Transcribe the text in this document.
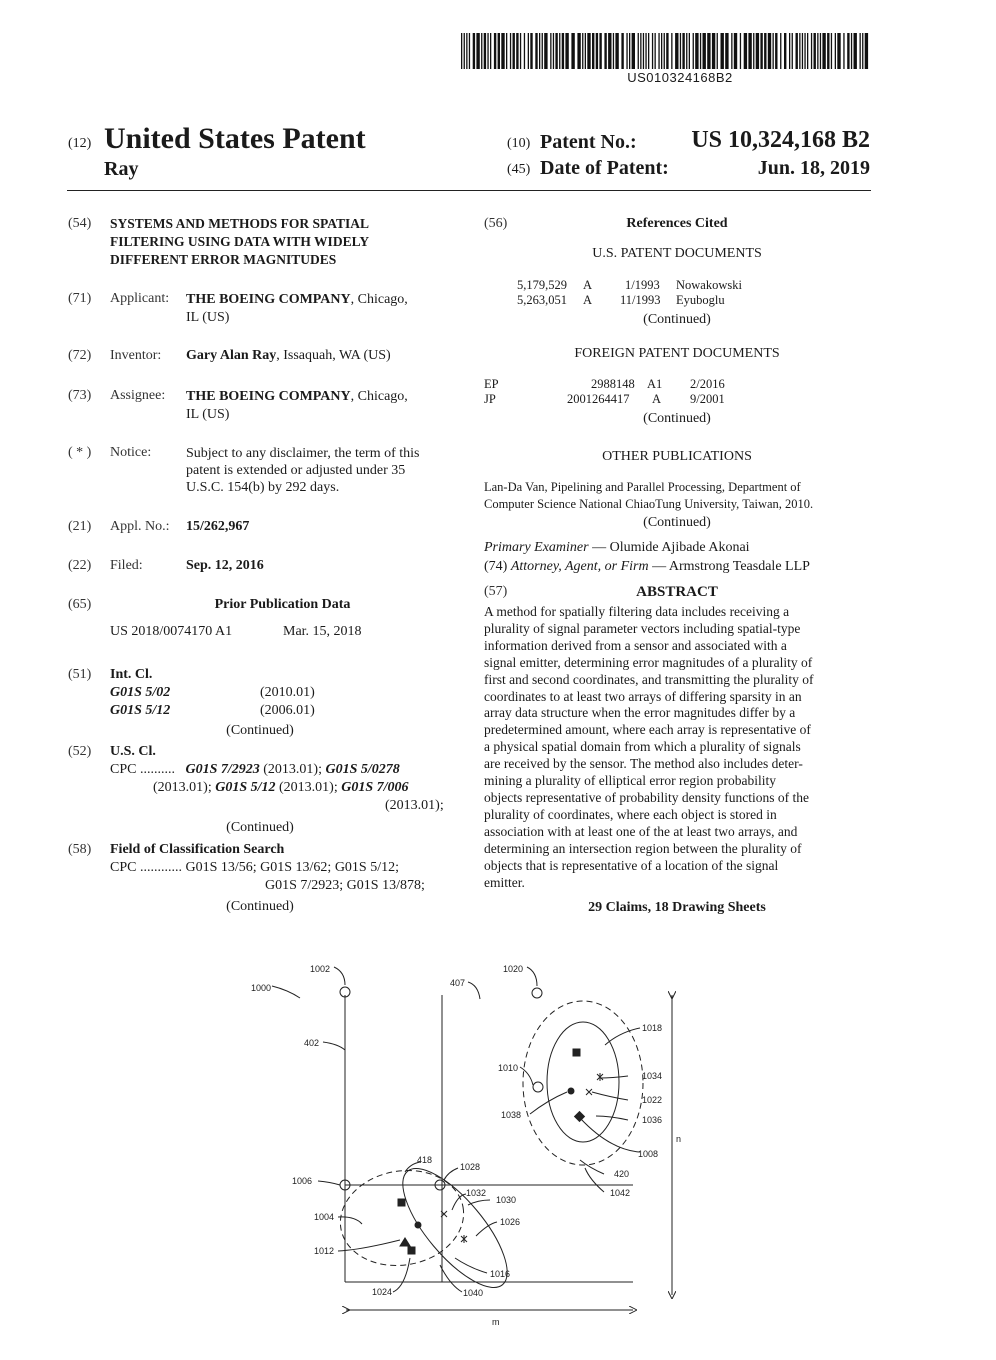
US010324168B2
(12) United States Patent
Ray
(10) Patent No.:	US 10,324,168 B2
(45) Date of Patent:	Jun. 18, 2019
(54) SYSTEMS AND METHODS FOR SPATIAL
FILTERING USING DATA WITH WIDELY
DIFFERENT ERROR MAGNITUDES
(71) Applicant: THE BOEING COMPANY, Chicago,
IL (US)
(72) Inventor: Gary Alan Ray, Issaquah, WA (US)
(73) Assignee: THE BOEING COMPANY, Chicago,
IL (US)
( * ) Notice: Subject to any disclaimer, the term of this
patent is extended or adjusted under 35
U.S.C. 154(b) by 292 days.
(21) Appl. No.: 15/262,967
(22) Filed:	Sep. 12, 2016
(65)	Prior Publication Data
US 2018/0074170 A1	Mar. 15, 2018
(51) Int. Cl.
G01S 5/02	(2010.01)
G01S 5/12	(2006.01)
(Continued)
(52) U.S. Cl.
CPC .......... G01S 7/2923 (2013.01); G01S 5/0278
(2013.01); G01S 5/12 (2013.01); G01S 7/006
(2013.01);
(Continued)
(58) Field of Classification Search
CPC ............ G01S 13/56; G01S 13/62; G01S 5/12;
G01S 7/2923; G01S 13/878;
(Continued)
(56)	References Cited
U.S. PATENT DOCUMENTS
5,179,529 A	1/1993 Nowakowski
5,263,051 A 11/1993 Eyuboglu
(Continued)
FOREIGN PATENT DOCUMENTS
EP	2988148 A1 2/2016
JP	2001264417 A 9/2001
(Continued)
OTHER PUBLICATIONS
Lan-Da Van, Pipelining and Parallel Processing, Department of
Computer Science National ChiaoTung University, Taiwan, 2010.
(Continued)
Primary Examiner — Olumide Ajibade Akonai
(74) Attorney, Agent, or Firm — Armstrong Teasdale LLP
(57)	ABSTRACT
A method for spatially filtering data includes receiving a
plurality of signal parameter vectors including spatial-type
information derived from a sensor and associated with a
signal emitter, determining error magnitudes of a plurality of
first and second coordinates, and transmitting the plurality of
coordinates to at least two arrays of differing sparsity in an
array data structure when the error magnitudes differ by a
predetermined amount, where each array is representative of
a physical spatial domain from which a plurality of signals
are received by the sensor. The method also includes deter-
mining a plurality of elliptical error region probability
objects representative of probability density functions of the
plurality of coordinates, where each object is stored in
association with at least one of the at least two arrays, and
determining an intersection region between the plurality of
objects that is representative of a location of the signal
emitter.
29 Claims, 18 Drawing Sheets
1000
1002
402
407
1020
1018
1010
1034
1022
1038	1036
1008
420
1042
418
1028
1006
1032
1030
1004	1026
1012
1016
1024	1040
m
n
